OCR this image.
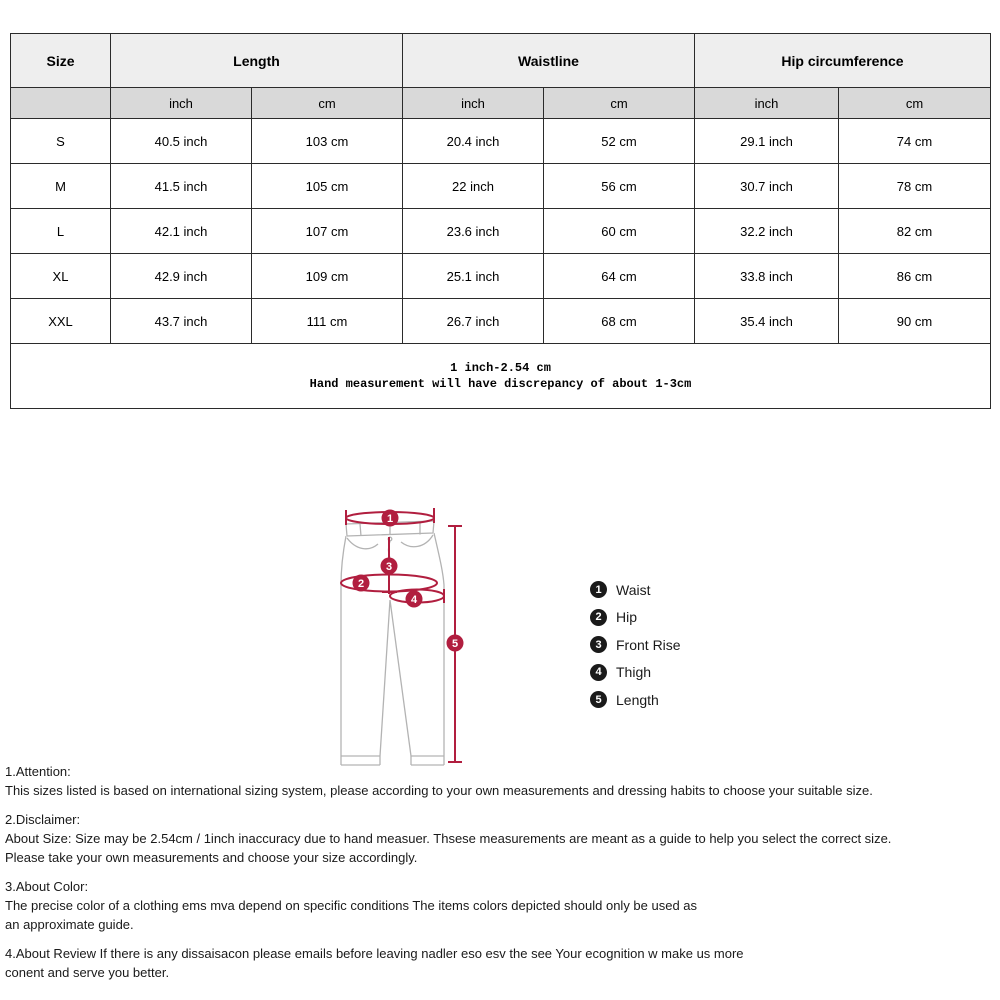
Size	Length		Waistline		Hip circumference	
	inch	cm	inch	cm	inch	cm
S	40.5 inch	103 cm	20.4 inch	52 cm	29.1 inch	74 cm
M	41.5 inch	105 cm	22 inch	56 cm	30.7 inch	78 cm
L	42.1 inch	107 cm	23.6 inch	60 cm	32.2 inch	82 cm
XL	42.9 inch	109 cm	25.1 inch	64 cm	33.8 inch	86 cm
XXL	43.7 inch	111 cm	26.7 inch	68 cm	35.4 inch	90 cm

1 inch-2.54 cm
Hand measurement will have discrepancy of about 1-3cm						
1
2
3
4
5
1	Waist
2	Hip
3	Front Rise
4	Thigh
5	Length
1.Attention:
This sizes listed is based on international sizing system, please according to your own measurements and dressing habits to choose your suitable size.
2.Disclaimer:
About Size: Size may be 2.54cm / 1inch inaccuracy due to hand measuer. Thsese measurements are meant as a guide to help you select the correct size.
Please take your own measurements and choose your size accordingly.
3.About Color:
The precise color of a clothing ems mva depend on specific conditions The items colors depicted should only be used as
an approximate guide.
4.About Review If there is any dissaisacon please emails before leaving nadler eso esv the see Your ecognition w make us more
conent and serve you better.
